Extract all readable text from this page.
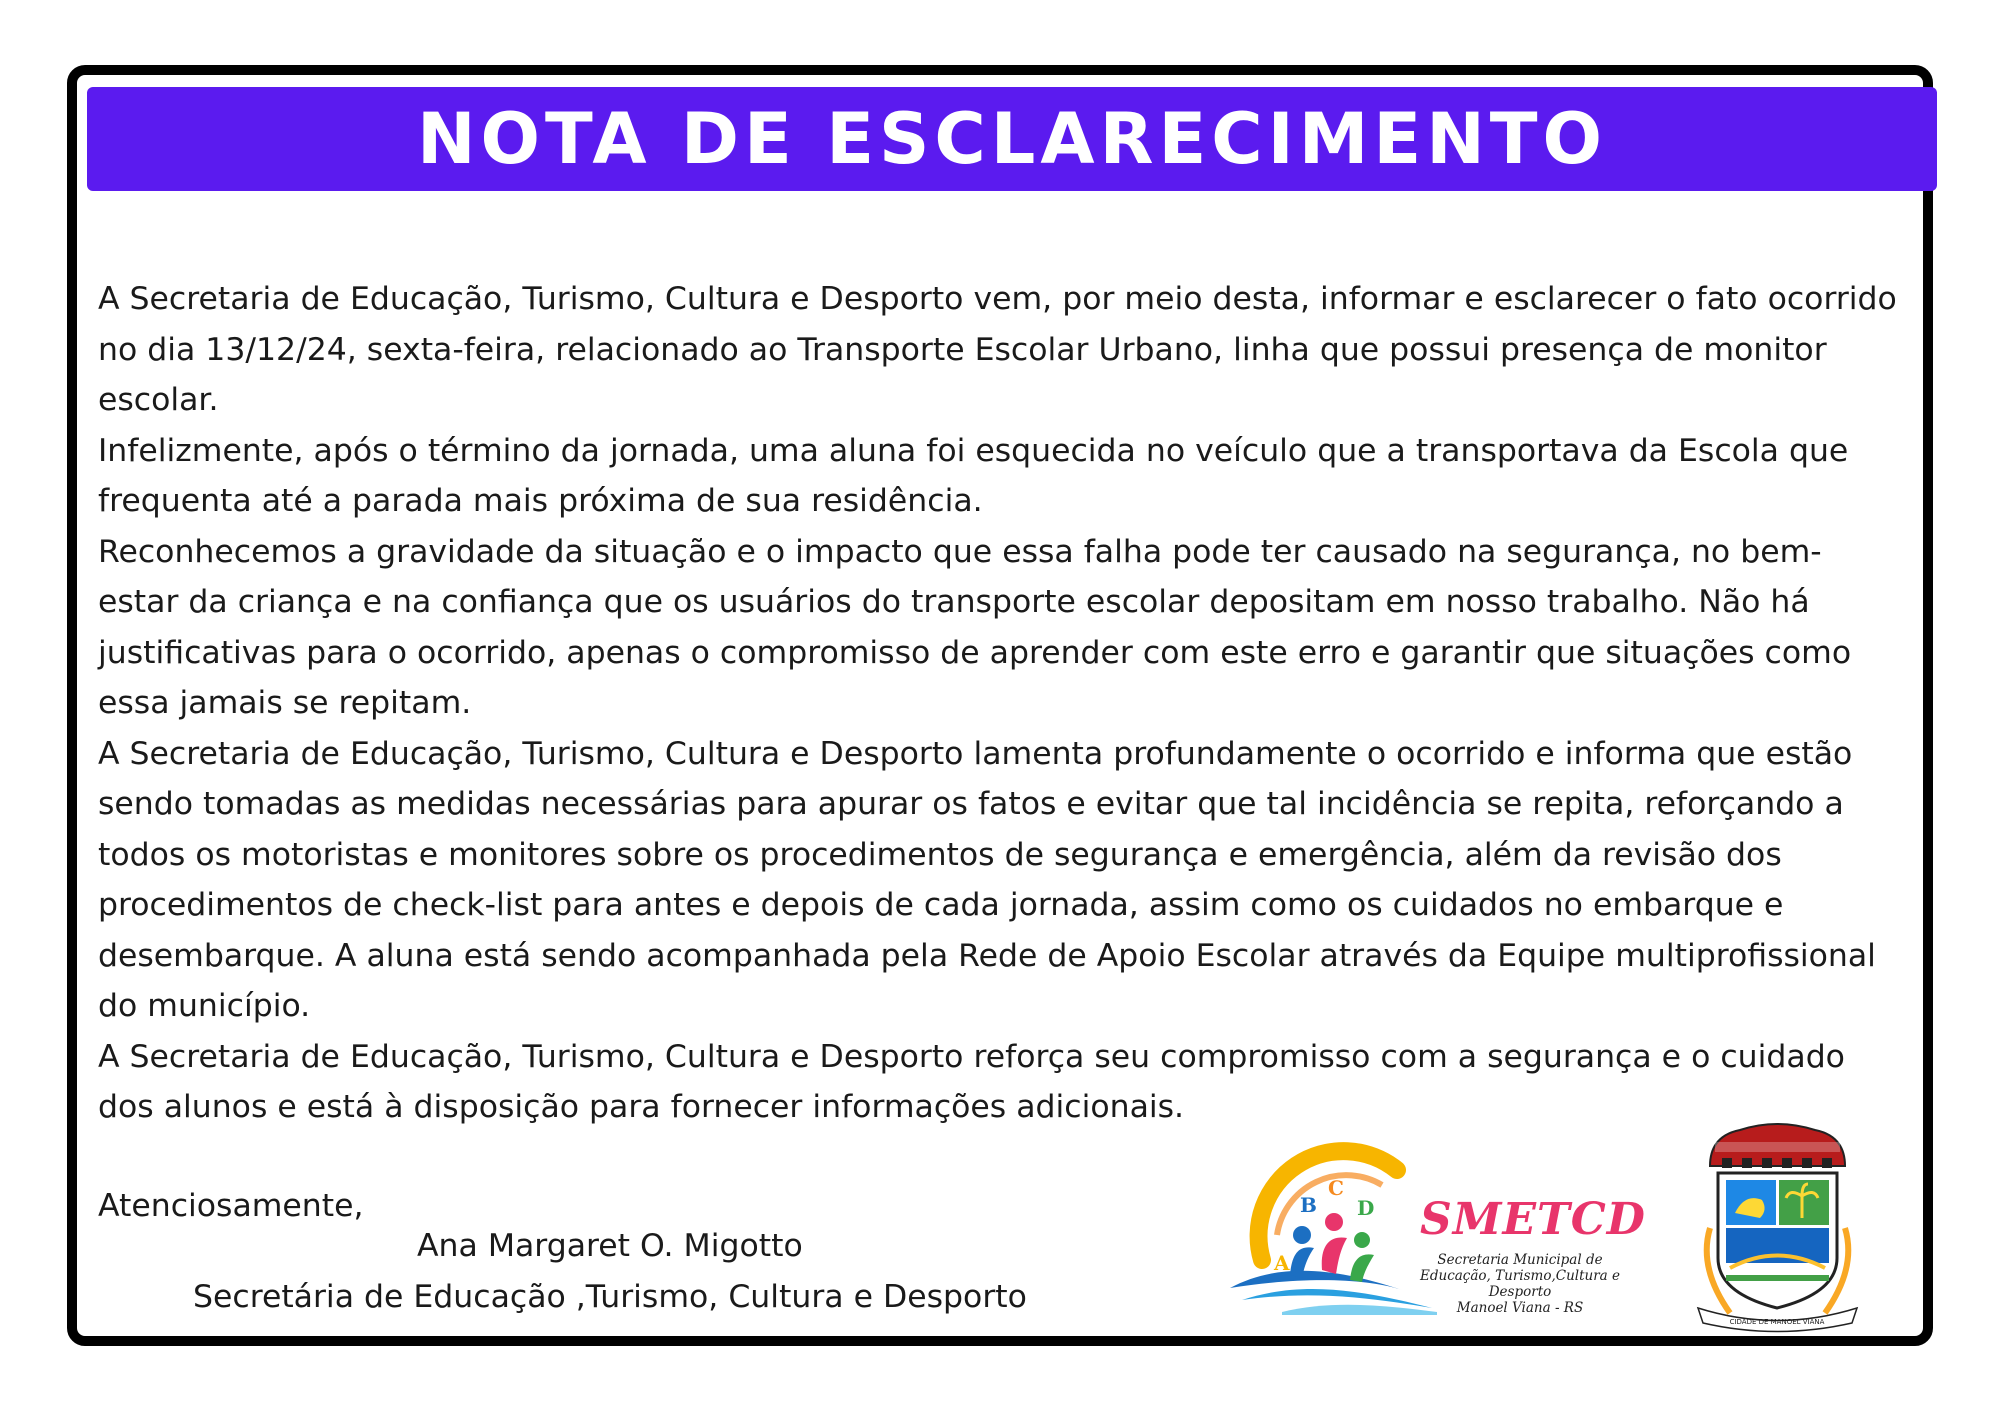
NOTA DE ESCLARECIMENTO

A Secretaria de Educação, Turismo, Cultura e Desporto vem, por meio desta, informar e esclarecer o fato ocorrido no dia 13/12/24, sexta-feira, relacionado ao Transporte Escolar Urbano, linha que possui presença de monitor escolar.

Infelizmente, após o término da jornada, uma aluna foi esquecida no veículo que a transportava da Escola que frequenta até a parada mais próxima de sua residência.

Reconhecemos a gravidade da situação e o impacto que essa falha pode ter causado na segurança, no bem-estar da criança e na confiança que os usuários do transporte escolar depositam em nosso trabalho. Não há justificativas para o ocorrido, apenas o compromisso de aprender com este erro e garantir que situações como essa jamais se repitam.

A Secretaria de Educação, Turismo, Cultura e Desporto lamenta profundamente o ocorrido e informa que estão sendo tomadas as medidas necessárias para apurar os fatos e evitar que tal incidência se repita, reforçando a todos os motoristas e monitores sobre os procedimentos de segurança e emergência, além da revisão dos procedimentos de check-list para antes e depois de cada jornada, assim como os cuidados no embarque e desembarque. A aluna está sendo acompanhada pela Rede de Apoio Escolar através da Equipe multiprofissional do município.

A Secretaria de Educação, Turismo, Cultura e Desporto reforça seu compromisso com a segurança e o cuidado dos alunos e está à disposição para fornecer informações adicionais.

Atenciosamente,
Ana Margaret O. Migotto
Secretária de Educação ,Turismo, Cultura e Desporto
A
B
C
D SMETCD
Secretaria Municipal de
Educação, Turismo,Cultura e Desporto
Manoel Viana - RS
CIDADE DE MANOEL VIANA
